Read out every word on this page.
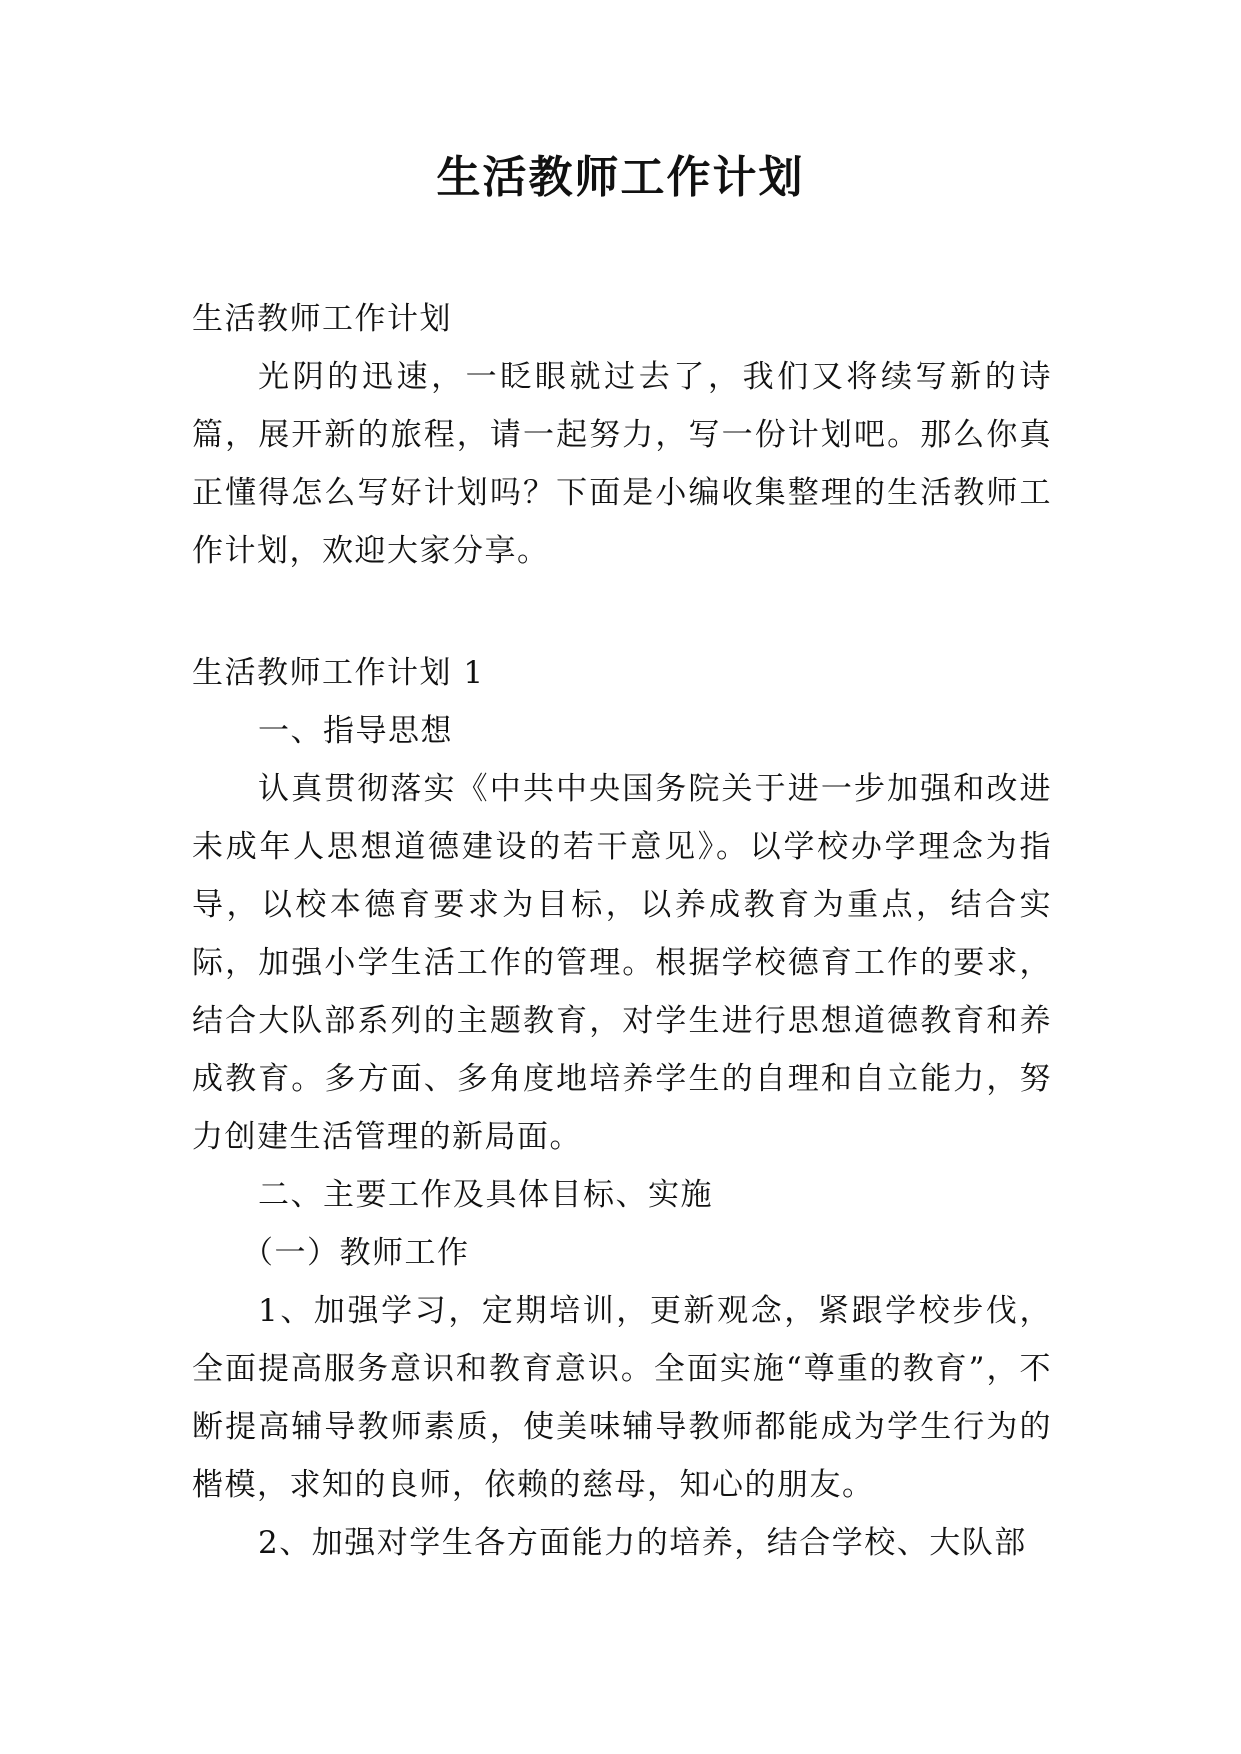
生活教师工作计划

生活教师工作计划

光阴的迅速，一眨眼就过去了，我们又将续写新的诗篇，展开新的旅程，请一起努力，写一份计划吧。那么你真正懂得怎么写好计划吗？下面是小编收集整理的生活教师工作计划，欢迎大家分享。

生活教师工作计划 1

一、指导思想

认真贯彻落实《中共中央国务院关于进一步加强和改进未成年人思想道德建设的若干意见》。以学校办学理念为指导，以校本德育要求为目标，以养成教育为重点，结合实际，加强小学生活工作的管理。根据学校德育工作的要求，结合大队部系列的主题教育，对学生进行思想道德教育和养成教育。多方面、多角度地培养学生的自理和自立能力，努力创建生活管理的新局面。

二、主要工作及具体目标、实施

（一）教师工作

1、加强学习，定期培训，更新观念，紧跟学校步伐，全面提高服务意识和教育意识。全面实施“尊重的教育”，不断提高辅导教师素质，使美味辅导教师都能成为学生行为的楷模，求知的良师，依赖的慈母，知心的朋友。

2、加强对学生各方面能力的培养，结合学校、大队部
